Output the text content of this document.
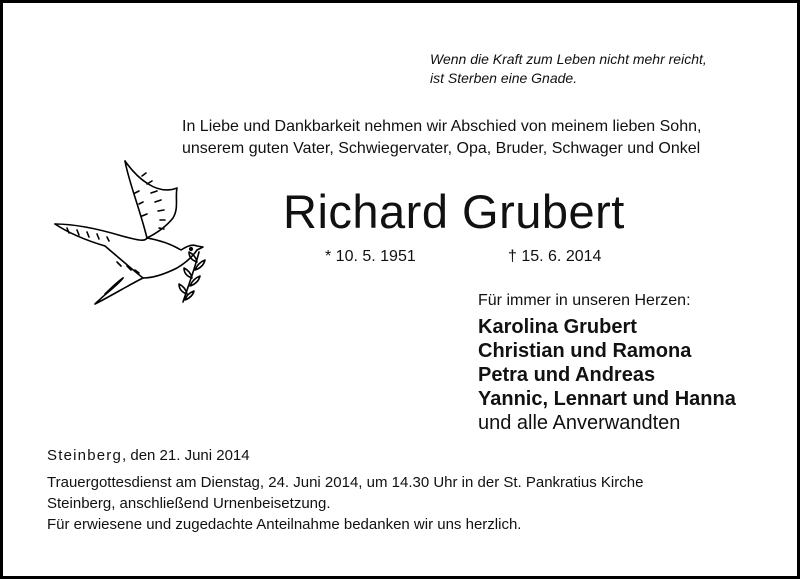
Wenn die Kraft zum Leben nicht mehr reicht,
ist Sterben eine Gnade.
In Liebe und Dankbarkeit nehmen wir Abschied von meinem lieben Sohn,
unserem guten Vater, Schwiegervater, Opa, Bruder, Schwager und Onkel
Richard Grubert
* 10. 5. 1951	† 15. 6. 2014
Für immer in unseren Herzen:
Karolina Grubert
Christian und Ramona
Petra und Andreas
Yannic, Lennart und Hanna
und alle Anverwandten
Steinberg, den 21. Juni 2014
Trauergottesdienst am Dienstag, 24. Juni 2014, um 14.30 Uhr in der St. Pankratius Kirche
Steinberg, anschließend Urnenbeisetzung.
Für erwiesene und zugedachte Anteilnahme bedanken wir uns herzlich.
